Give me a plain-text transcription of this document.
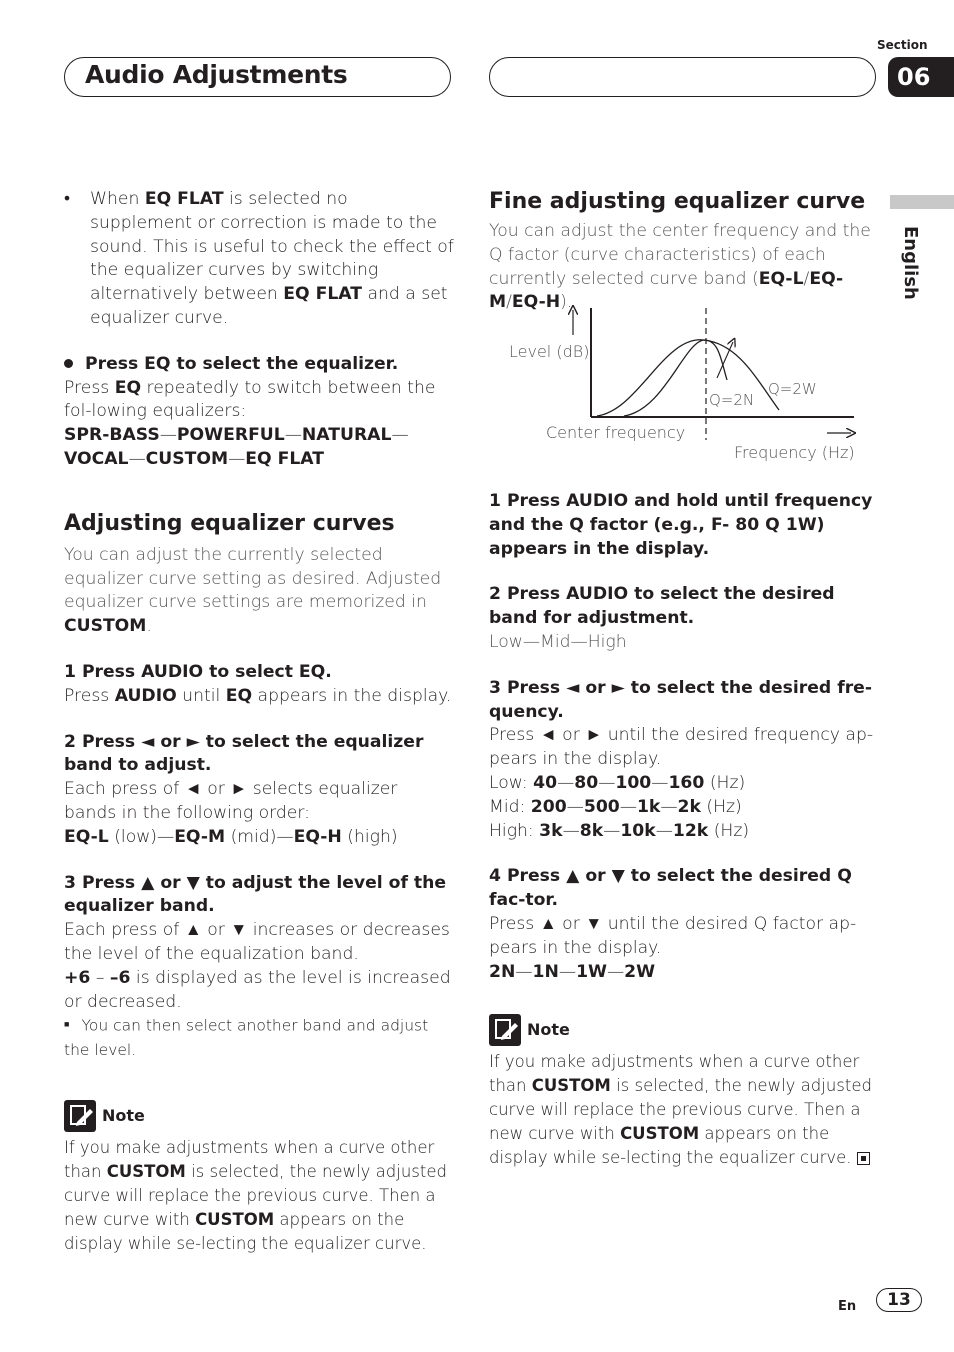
Audio Adjustments
Section
06
English
• When EQ FLAT is selected no supplement or correction is made to the sound. This is useful to check the effect of the equalizer curves by switching alternatively between EQ FLAT and a set equalizer curve.

Press EQ to select the equalizer.

Press EQ repeatedly to switch between the fol-lowing equalizers:

SPR-BASS—POWERFUL—NATURAL—
VOCAL—CUSTOM—EQ FLAT

Adjusting equalizer curves

You can adjust the currently selected equalizer curve setting as desired. Adjusted equalizer curve settings are memorized in CUSTOM.

1 Press AUDIO to select EQ.

Press AUDIO until EQ appears in the display.

2 Press ◄ or ► to select the equalizer band to adjust.

Each press of ◄ or ► selects equalizer bands in the following order:

EQ-L (low)—EQ-M (mid)—EQ-H (high)

3 Press ▲ or ▼ to adjust the level of the equalizer band.

Each press of ▲ or ▼ increases or decreases the level of the equalization band.

+6 – –6 is displayed as the level is increased or decreased.

■ You can then select another band and adjust the level.

Note

If you make adjustments when a curve other than CUSTOM is selected, the newly adjusted curve will replace the previous curve. Then a new curve with CUSTOM appears on the display while se-lecting the equalizer curve.

Fine adjusting equalizer curve

You can adjust the center frequency and the Q factor (curve characteristics) of each currently selected curve band (EQ-L/EQ-M/EQ-H).

Level (dB)
Q=2N
Q=2W
Center frequency
Frequency (Hz)

1 Press AUDIO and hold until frequency and the Q factor (e.g., F- 80 Q 1W) appears in the display.

2 Press AUDIO to select the desired band for adjustment.

Low—Mid—High

3 Press ◄ or ► to select the desired fre-quency.

Press ◄ or ► until the desired frequency ap-pears in the display.

Low: 40—80—100—160 (Hz)

Mid: 200—500—1k—2k (Hz)

High: 3k—8k—10k—12k (Hz)

4 Press ▲ or ▼ to select the desired Q fac-tor.

Press ▲ or ▼ until the desired Q factor ap-pears in the display.

2N—1N—1W—2W

Note

If you make adjustments when a curve other than CUSTOM is selected, the newly adjusted curve will replace the previous curve. Then a new curve with CUSTOM appears on the display while se-lecting the equalizer curve.

En	13
